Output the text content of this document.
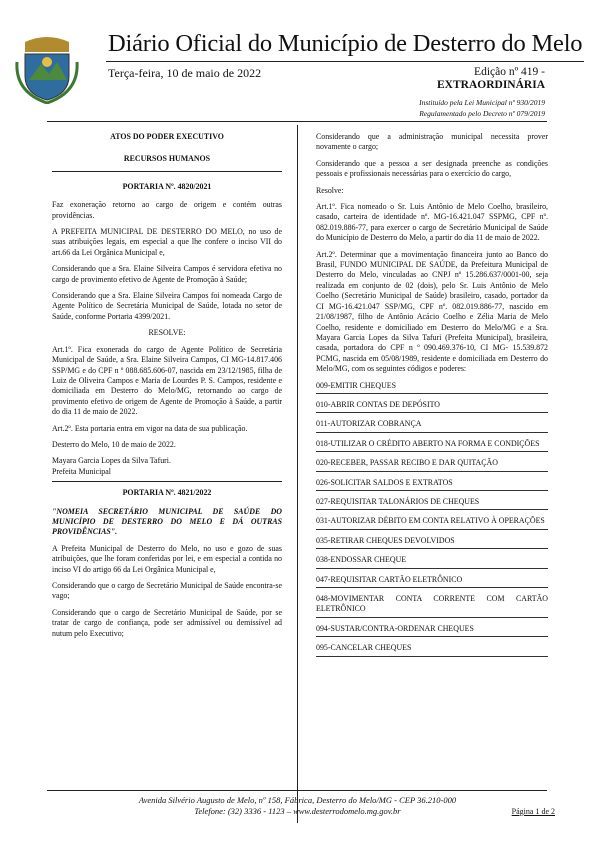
Diário Oficial do Município de Desterro do Melo
Terça-feira, 10 de maio de 2022	Edição nº 419 -
EXTRAORDINÁRIA
Instituído pela Lei Municipal nº 930/2019
Regulamentado pelo Decreto nº 079/2019

ATOS DO PODER EXECUTIVO

RECURSOS HUMANOS

PORTARIA Nº. 4820/2021

Faz exoneração retorno ao cargo de origem e contém outras providências.

A PREFEITA MUNICIPAL DE DESTERRO DO MELO, no uso de suas atribuições legais, em especial a que lhe confere o inciso VII do art.66 da Lei Orgânica Municipal e,

Considerando que a Sra. Elaine Silveira Campos é servidora efetiva no cargo de provimento efetivo de Agente de Promoção à Saúde;

Considerando que a Sra. Elaine Silveira Campos foi nomeada Cargo de Agente Político de Secretária Municipal de Saúde, lotada no setor de Saúde, conforme Portaria 4399/2021.

RESOLVE:

Art.1º. Fica exonerada do cargo de Agente Político de Secretária Municipal de Saúde, a Sra. Elaine Silveira Campos, CI MG-14.817.406 SSP/MG e do CPF n º 088.685.606-07, nascida em 23/12/1985, filha de Luiz de Oliveira Campos e Maria de Lourdes P. S. Campos, residente e domiciliada em Desterro do Melo/MG, retornando ao cargo de provimento efetivo de origem de Agente de Promoção à Saúde, a partir do dia 11 de maio de 2022.

Art.2º. Esta portaria entra em vigor na data de sua publicação.

Desterro do Melo, 10 de maio de 2022.

Mayara Garcia Lopes da Silva Tafuri.
Prefeita Municipal

PORTARIA Nº. 4821/2022

"NOMEIA SECRETÁRIO MUNICIPAL DE SAÚDE DO MUNICÍPIO DE DESTERRO DO MELO E DÁ OUTRAS PROVIDÊNCIAS".

A Prefeita Municipal de Desterro do Melo, no uso e gozo de suas atribuições, que lhe foram conferidas por lei, e em especial a contida no inciso VI do artigo 66 da Lei Orgânica Municipal e,

Considerando que o cargo de Secretário Municipal de Saúde encontra-se vago;

Considerando que o cargo de Secretário Municipal de Saúde, por se tratar de cargo de confiança, pode ser admissível ou demissível ad nutum pelo Executivo;

Considerando que a administração municipal necessita prover novamente o cargo;

Considerando que a pessoa a ser designada preenche as condições pessoais e profissionais necessárias para o exercício do cargo,

Resolve:

Art.1º. Fica nomeado o Sr. Luis Antônio de Melo Coelho, brasileiro, casado, carteira de identidade nº. MG-16.421.047 SSPMG, CPF nº. 082.019.886-77, para exercer o cargo de Secretário Municipal de Saúde do Município de Desterro do Melo, a partir do dia 11 de maio de 2022.

Art.2º. Determinar que a movimentação financeira junto ao Banco do Brasil, FUNDO MUNICIPAL DE SAÚDE, da Prefeitura Municipal de Desterro do Melo, vinculadas ao CNPJ nº 15.286.637/0001-00, seja realizada em conjunto de 02 (dois), pelo Sr. Luis Antônio de Melo Coelho (Secretário Municipal de Saúde) brasileiro, casado, portador da CI MG-16.421.047 SSP/MG, CPF nº. 082.019.886-77, nascido em 21/08/1987, filho de Antônio Acácio Coelho e Zélia Maria de Melo Coelho, residente e domiciliado em Desterro do Melo/MG e a Sra. Mayara Garcia Lopes da Silva Tafuri (Prefeita Municipal), brasileira, casada, portadora do CPF n º 090.469.376-10, CI MG- 15.539.872 PCMG, nascida em 05/08/1989, residente e domiciliada em Desterro do Melo/MG, com os seguintes códigos e poderes:

009-EMITIR CHEQUES

010-ABRIR CONTAS DE DEPÓSITO

011-AUTORIZAR COBRANÇA

018-UTILIZAR O CRÉDITO ABERTO NA FORMA E CONDIÇÕES

020-RECEBER, PASSAR RECIBO E DAR QUITAÇÃO

026-SOLICITAR SALDOS E EXTRATOS

027-REQUISITAR TALONÁRIOS DE CHEQUES

031-AUTORIZAR DÉBITO EM CONTA RELATIVO À OPERAÇÕES

035-RETIRAR CHEQUES DEVOLVIDOS

038-ENDOSSAR CHEQUE

047-REQUISITAR CARTÃO ELETRÔNICO

048-MOVIMENTAR CONTA CORRENTE COM CARTÃO ELETRÔNICO

094-SUSTAR/CONTRA-ORDENAR CHEQUES

095-CANCELAR CHEQUES

Avenida Silvério Augusto de Melo, nº 158, Fábrica, Desterro do Melo/MG - CEP 36.210-000
Telefone: (32) 3336 - 1123 – www.desterrodomelo.mg.gov.br	Página 1 de 2
